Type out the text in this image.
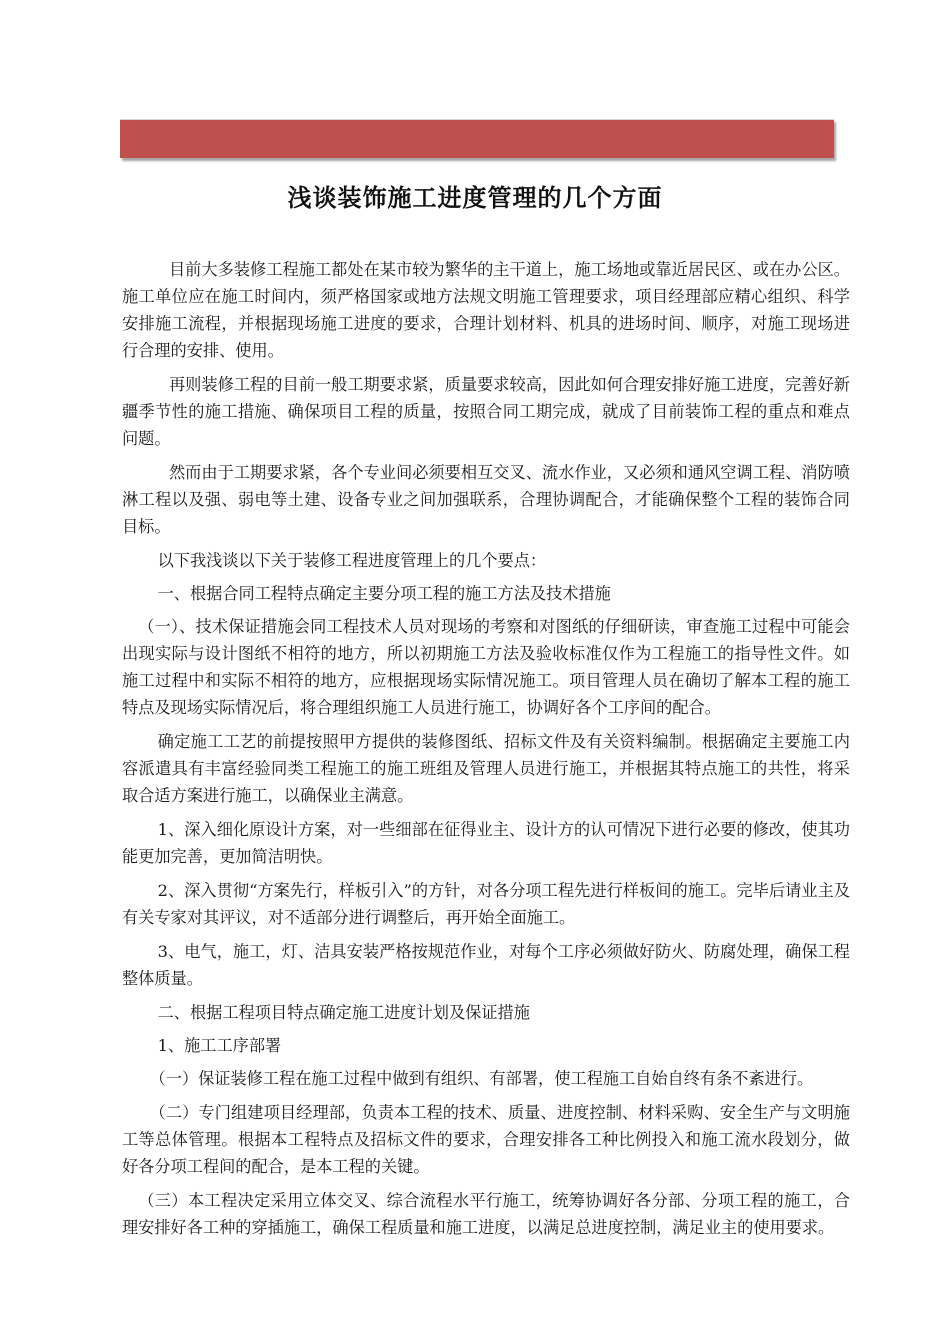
浅谈装饰施工进度管理的几个方面

目前大多装修工程施工都处在某市较为繁华的主干道上，施工场地或靠近居民区、或在办公区。施工单位应在施工时间内，须严格国家或地方法规文明施工管理要求，项目经理部应精心组织、科学安排施工流程，并根据现场施工进度的要求，合理计划材料、机具的进场时间、顺序，对施工现场进行合理的安排、使用。

再则装修工程的目前一般工期要求紧，质量要求较高，因此如何合理安排好施工进度，完善好新疆季节性的施工措施、确保项目工程的质量，按照合同工期完成，就成了目前装饰工程的重点和难点问题。

然而由于工期要求紧，各个专业间必须要相互交叉、流水作业，又必须和通风空调工程、消防喷淋工程以及强、弱电等土建、设备专业之间加强联系，合理协调配合，才能确保整个工程的装饰合同目标。

以下我浅谈以下关于装修工程进度管理上的几个要点：

一、根据合同工程特点确定主要分项工程的施工方法及技术措施

（一）、技术保证措施会同工程技术人员对现场的考察和对图纸的仔细研读，审查施工过程中可能会出现实际与设计图纸不相符的地方，所以初期施工方法及验收标准仅作为工程施工的指导性文件。如施工过程中和实际不相符的地方，应根据现场实际情况施工。项目管理人员在确切了解本工程的施工特点及现场实际情况后，将合理组织施工人员进行施工，协调好各个工序间的配合。

确定施工工艺的前提按照甲方提供的装修图纸、招标文件及有关资料编制。根据确定主要施工内容派遣具有丰富经验同类工程施工的施工班组及管理人员进行施工，并根据其特点施工的共性，将采取合适方案进行施工，以确保业主满意。

1、深入细化原设计方案，对一些细部在征得业主、设计方的认可情况下进行必要的修改，使其功能更加完善，更加简洁明快。

2、深入贯彻“方案先行，样板引入”的方针，对各分项工程先进行样板间的施工。完毕后请业主及有关专家对其评议，对不适部分进行调整后，再开始全面施工。

3、电气，施工，灯、洁具安装严格按规范作业，对每个工序必须做好防火、防腐处理，确保工程整体质量。

二、根据工程项目特点确定施工进度计划及保证措施

1、施工工序部署

（一）保证装修工程在施工过程中做到有组织、有部署，使工程施工自始自终有条不紊进行。

（二）专门组建项目经理部，负责本工程的技术、质量、进度控制、材料采购、安全生产与文明施工等总体管理。根据本工程特点及招标文件的要求，合理安排各工种比例投入和施工流水段划分，做好各分项工程间的配合，是本工程的关键。

（三）本工程决定采用立体交叉、综合流程水平行施工，统筹协调好各分部、分项工程的施工，合理安排好各工种的穿插施工，确保工程质量和施工进度，以满足总进度控制，满足业主的使用要求。
